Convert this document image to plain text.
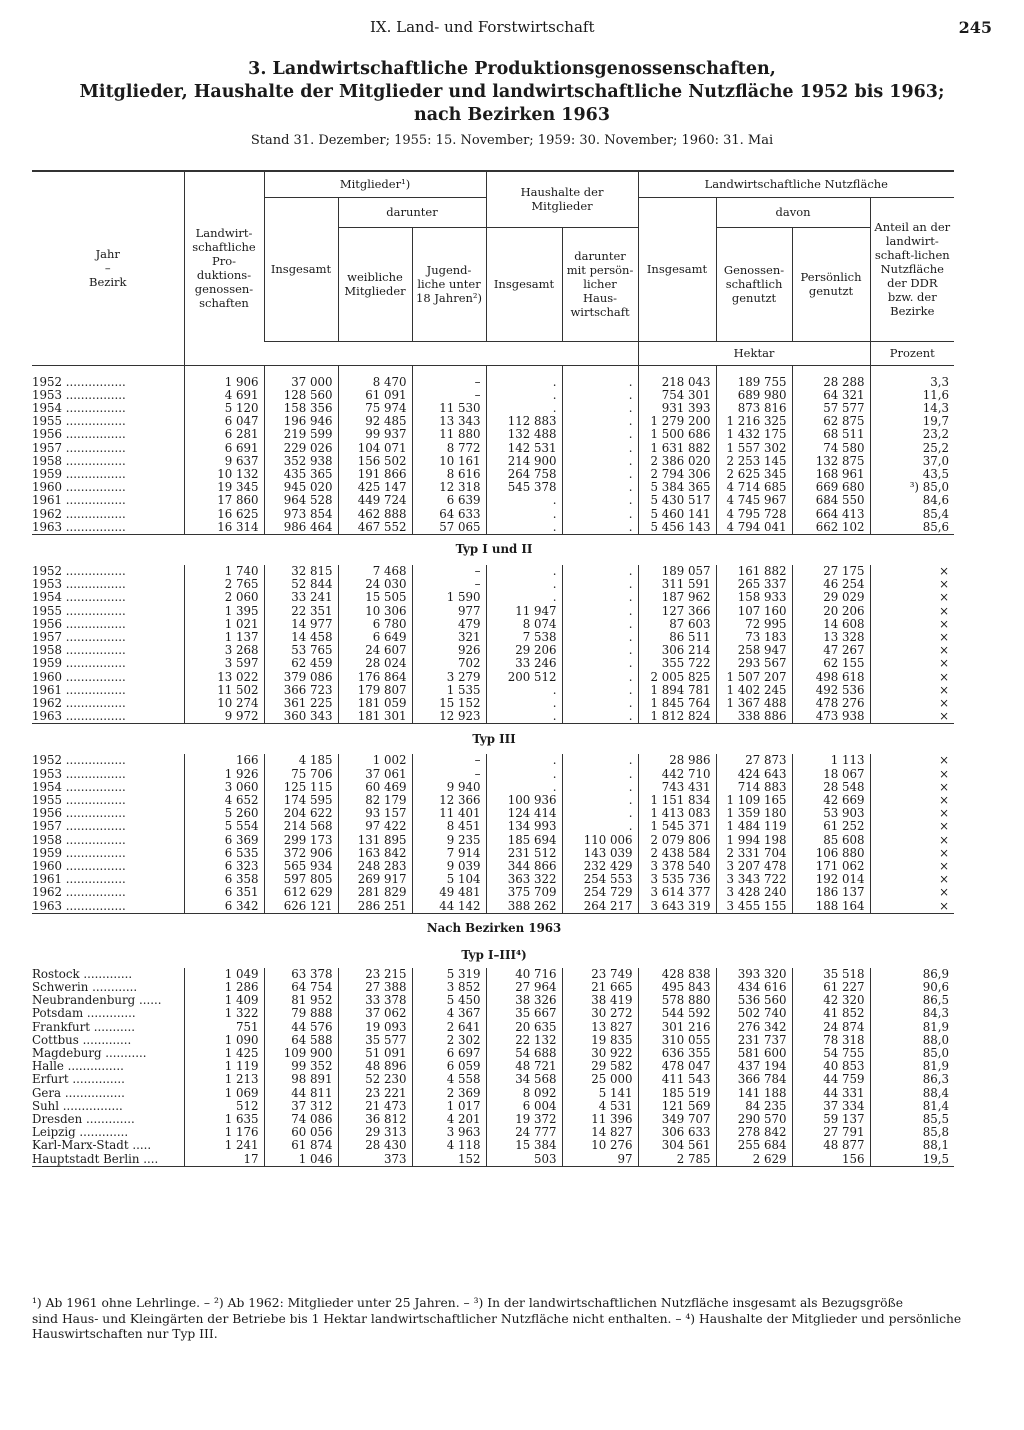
IX. Land- und Forstwirtschaft	245
3. Landwirtschaftliche Produktionsgenossenschaften,
Mitglieder, Haushalte der Mitglieder und landwirtschaftliche Nutzfläche 1952 bis 1963;
nach Bezirken 1963
Stand 31. Dezember; 1955: 15. November; 1959: 30. November; 1960: 31. Mai
Jahr
–
Bezirk	Landwirt-schaftliche Pro-duktions-genossen-schaften	Mitglieder¹)			Haushalte der Mitglieder		Landwirtschaftliche Nutzfläche			
		Insgesamt	darunter				Insgesamt	davon		Anteil an der landwirt-schaft-lichen Nutzfläche der DDR bzw. der Bezirke
			weibliche Mitglieder	Jugend-liche unter 18 Jahren²)	Insgesamt	darunter mit persön-licher Haus-wirtschaft		Genossen-schaftlich genutzt	Persönlich genutzt	
							Hektar			Prozent

1952 ................	1 906	37 000	8 470	–	.	.	218 043	189 755	28 288	3,3
1953 ................	4 691	128 560	61 091	–	.	.	754 301	689 980	64 321	11,6
1954 ................	5 120	158 356	75 974	11 530	.	.	931 393	873 816	57 577	14,3
1955 ................	6 047	196 946	92 485	13 343	112 883	.	1 279 200	1 216 325	62 875	19,7
1956 ................	6 281	219 599	99 937	11 880	132 488	.	1 500 686	1 432 175	68 511	23,2
1957 ................	6 691	229 026	104 071	8 772	142 531	.	1 631 882	1 557 302	74 580	25,2
1958 ................	9 637	352 938	156 502	10 161	214 900	.	2 386 020	2 253 145	132 875	37,0
1959 ................	10 132	435 365	191 866	8 616	264 758	.	2 794 306	2 625 345	168 961	43,5
1960 ................	19 345	945 020	425 147	12 318	545 378	.	5 384 365	4 714 685	669 680	³) 85,0
1961 ................	17 860	964 528	449 724	6 639	.	.	5 430 517	4 745 967	684 550	84,6
1962 ................	16 625	973 854	462 888	64 633	.	.	5 460 141	4 795 728	664 413	85,4
1963 ................	16 314	986 464	467 552	57 065	.	.	5 456 143	4 794 041	662 102	85,6
Typ I und II										
1952 ................	1 740	32 815	7 468	–	.	.	189 057	161 882	27 175	×
1953 ................	2 765	52 844	24 030	–	.	.	311 591	265 337	46 254	×
1954 ................	2 060	33 241	15 505	1 590	.	.	187 962	158 933	29 029	×
1955 ................	1 395	22 351	10 306	977	11 947	.	127 366	107 160	20 206	×
1956 ................	1 021	14 977	6 780	479	8 074	.	87 603	72 995	14 608	×
1957 ................	1 137	14 458	6 649	321	7 538	.	86 511	73 183	13 328	×
1958 ................	3 268	53 765	24 607	926	29 206	.	306 214	258 947	47 267	×
1959 ................	3 597	62 459	28 024	702	33 246	.	355 722	293 567	62 155	×
1960 ................	13 022	379 086	176 864	3 279	200 512	.	2 005 825	1 507 207	498 618	×
1961 ................	11 502	366 723	179 807	1 535	.	.	1 894 781	1 402 245	492 536	×
1962 ................	10 274	361 225	181 059	15 152	.	.	1 845 764	1 367 488	478 276	×
1963 ................	9 972	360 343	181 301	12 923	.	.	1 812 824	338 886	473 938	×
Typ III										
1952 ................	166	4 185	1 002	–	.	.	28 986	27 873	1 113	×
1953 ................	1 926	75 706	37 061	–	.	.	442 710	424 643	18 067	×
1954 ................	3 060	125 115	60 469	9 940	.	.	743 431	714 883	28 548	×
1955 ................	4 652	174 595	82 179	12 366	100 936	.	1 151 834	1 109 165	42 669	×
1956 ................	5 260	204 622	93 157	11 401	124 414	.	1 413 083	1 359 180	53 903	×
1957 ................	5 554	214 568	97 422	8 451	134 993	.	1 545 371	1 484 119	61 252	×
1958 ................	6 369	299 173	131 895	9 235	185 694	110 006	2 079 806	1 994 198	85 608	×
1959 ................	6 535	372 906	163 842	7 914	231 512	143 039	2 438 584	2 331 704	106 880	×
1960 ................	6 323	565 934	248 283	9 039	344 866	232 429	3 378 540	3 207 478	171 062	×
1961 ................	6 358	597 805	269 917	5 104	363 322	254 553	3 535 736	3 343 722	192 014	×
1962 ................	6 351	612 629	281 829	49 481	375 709	254 729	3 614 377	3 428 240	186 137	×
1963 ................	6 342	626 121	286 251	44 142	388 262	264 217	3 643 319	3 455 155	188 164	×
Nach Bezirken 1963										
Typ I–III⁴)										
Rostock .............	1 049	63 378	23 215	5 319	40 716	23 749	428 838	393 320	35 518	86,9
Schwerin ............	1 286	64 754	27 388	3 852	27 964	21 665	495 843	434 616	61 227	90,6
Neubrandenburg ......	1 409	81 952	33 378	5 450	38 326	38 419	578 880	536 560	42 320	86,5
Potsdam .............	1 322	79 888	37 062	4 367	35 667	30 272	544 592	502 740	41 852	84,3
Frankfurt ...........	751	44 576	19 093	2 641	20 635	13 827	301 216	276 342	24 874	81,9
Cottbus .............	1 090	64 588	35 577	2 302	22 132	19 835	310 055	231 737	78 318	88,0
Magdeburg ...........	1 425	109 900	51 091	6 697	54 688	30 922	636 355	581 600	54 755	85,0
Halle ...............	1 119	99 352	48 896	6 059	48 721	29 582	478 047	437 194	40 853	81,9
Erfurt ..............	1 213	98 891	52 230	4 558	34 568	25 000	411 543	366 784	44 759	86,3
Gera ................	1 069	44 811	23 221	2 369	8 092	5 141	185 519	141 188	44 331	88,4
Suhl ................	512	37 312	21 473	1 017	6 004	4 531	121 569	84 235	37 334	81,4
Dresden .............	1 635	74 086	36 812	4 201	19 372	11 396	349 707	290 570	59 137	85,5
Leipzig .............	1 176	60 056	29 313	3 963	24 777	14 827	306 633	278 842	27 791	85,8
Karl-Marx-Stadt .....	1 241	61 874	28 430	4 118	15 384	10 276	304 561	255 684	48 877	88,1
Hauptstadt Berlin ....	17	1 046	373	152	503	97	2 785	2 629	156	19,5
¹) Ab 1961 ohne Lehrlinge. – ²) Ab 1962: Mitglieder unter 25 Jahren. – ³) In der landwirtschaftlichen Nutzfläche insgesamt als Bezugsgröße
sind Haus- und Kleingärten der Betriebe bis 1 Hektar landwirtschaftlicher Nutzfläche nicht enthalten. – ⁴) Haushalte der Mitglieder und persönliche
Hauswirtschaften nur Typ III.
